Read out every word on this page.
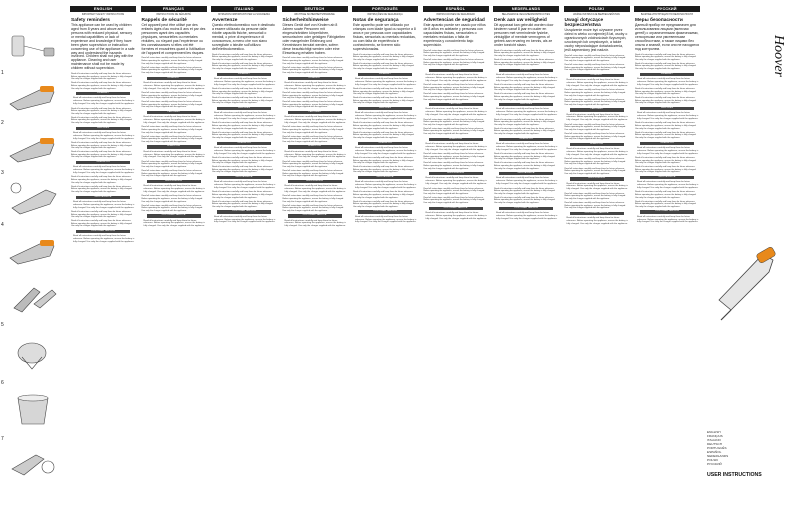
1
2
3
4
5
6
7
ENGLISH
IMPORTANT SAFETY INSTRUCTIONS
Safety reminders
This appliance can be used by children aged from 8 years and above and persons with reduced physical, sensory or mental capabilities or lack of experience and knowledge if they have been given supervision or instruction concerning use of the appliance in a safe way and understand the hazards involved. Children shall not play with the appliance. Cleaning and user maintenance shall not be made by children without supervision.
Read all instructions carefully and keep them for future reference. Before operating the appliance, ensure the battery is fully charged. Use only the charger supplied with the appliance.
Read all instructions carefully and keep them for future reference. Before operating the appliance, ensure the battery is fully charged. Use only the charger supplied with the appliance.
ASSEMBLY
Read all instructions carefully and keep them for future reference. Before operating the appliance, ensure the battery is fully charged. Use only the charger supplied with the appliance.
Read all instructions carefully and keep them for future reference. Before operating the appliance, ensure the battery is fully charged. Use only the charger supplied with the appliance.
Read all instructions carefully and keep them for future reference. Before operating the appliance, ensure the battery is fully charged. Use only the charger supplied with the appliance.
FEATURES
Read all instructions carefully and keep them for future reference. Before operating the appliance, ensure the battery is fully charged. Use only the charger supplied with the appliance.
Read all instructions carefully and keep them for future reference. Before operating the appliance, ensure the battery is fully charged. Use only the charger supplied with the appliance.
Read all instructions carefully and keep them for future reference. Before operating the appliance, ensure the battery is fully charged. Use only the charger supplied with the appliance.
OPERATION
Read all instructions carefully and keep them for future reference. Before operating the appliance, ensure the battery is fully charged. Use only the charger supplied with the appliance.
Read all instructions carefully and keep them for future reference. Before operating the appliance, ensure the battery is fully charged. Use only the charger supplied with the appliance.
Read all instructions carefully and keep them for future reference. Before operating the appliance, ensure the battery is fully charged. Use only the charger supplied with the appliance.
MAINTENANCE
Read all instructions carefully and keep them for future reference. Before operating the appliance, ensure the battery is fully charged. Use only the charger supplied with the appliance.
Read all instructions carefully and keep them for future reference. Before operating the appliance, ensure the battery is fully charged. Use only the charger supplied with the appliance.
Read all instructions carefully and keep them for future reference. Before operating the appliance, ensure the battery is fully charged. Use only the charger supplied with the appliance.
CUSTOMER SERVICE
Read all instructions carefully and keep them for future reference. Before operating the appliance, ensure the battery is fully charged. Use only the charger supplied with the appliance.
FRANÇAIS
INSTRUCTIONS DE SÉCURITÉ
Rappels de sécurité
Cet appareil peut être utilisé par des enfants âgés d'au moins 8 ans et par des personnes ayant des capacités physiques, sensorielles ou mentales réduites, ou n'ayant pas l'expérience ou les connaissances si elles ont été formées et encadrées quant à l'utilisation de l'appareil et comprennent les risques.
Read all instructions carefully and keep them for future reference. Before operating the appliance, ensure the battery is fully charged. Use only the charger supplied with the appliance.
Read all instructions carefully and keep them for future reference. Before operating the appliance, ensure the battery is fully charged. Use only the charger supplied with the appliance.
ASSEMBLY
Read all instructions carefully and keep them for future reference. Before operating the appliance, ensure the battery is fully charged. Use only the charger supplied with the appliance.
Read all instructions carefully and keep them for future reference. Before operating the appliance, ensure the battery is fully charged. Use only the charger supplied with the appliance.
Read all instructions carefully and keep them for future reference. Before operating the appliance, ensure the battery is fully charged. Use only the charger supplied with the appliance.
FEATURES
Read all instructions carefully and keep them for future reference. Before operating the appliance, ensure the battery is fully charged. Use only the charger supplied with the appliance.
Read all instructions carefully and keep them for future reference. Before operating the appliance, ensure the battery is fully charged. Use only the charger supplied with the appliance.
Read all instructions carefully and keep them for future reference. Before operating the appliance, ensure the battery is fully charged. Use only the charger supplied with the appliance.
OPERATION
Read all instructions carefully and keep them for future reference. Before operating the appliance, ensure the battery is fully charged. Use only the charger supplied with the appliance.
Read all instructions carefully and keep them for future reference. Before operating the appliance, ensure the battery is fully charged. Use only the charger supplied with the appliance.
Read all instructions carefully and keep them for future reference. Before operating the appliance, ensure the battery is fully charged. Use only the charger supplied with the appliance.
MAINTENANCE
Read all instructions carefully and keep them for future reference. Before operating the appliance, ensure the battery is fully charged. Use only the charger supplied with the appliance.
Read all instructions carefully and keep them for future reference. Before operating the appliance, ensure the battery is fully charged. Use only the charger supplied with the appliance.
Read all instructions carefully and keep them for future reference. Before operating the appliance, ensure the battery is fully charged. Use only the charger supplied with the appliance.
CUSTOMER SERVICE
Read all instructions carefully and keep them for future reference. Before operating the appliance, ensure the battery is fully charged. Use only the charger supplied with the appliance.
ITALIANO
ISTRUZIONI IMPORTANTI PER LA SICUREZZA
Avvertenze
Questo elettrodomestico non è destinato a essere utilizzato da persone dalle ridotte capacità fisiche, sensoriali o mentali, o prive di esperienza e di conoscenza, a meno che non siano sorvegliate o istruite sull'utilizzo dell'elettrodomestico.
Read all instructions carefully and keep them for future reference. Before operating the appliance, ensure the battery is fully charged. Use only the charger supplied with the appliance.
Read all instructions carefully and keep them for future reference. Before operating the appliance, ensure the battery is fully charged. Use only the charger supplied with the appliance.
ASSEMBLY
Read all instructions carefully and keep them for future reference. Before operating the appliance, ensure the battery is fully charged. Use only the charger supplied with the appliance.
Read all instructions carefully and keep them for future reference. Before operating the appliance, ensure the battery is fully charged. Use only the charger supplied with the appliance.
Read all instructions carefully and keep them for future reference. Before operating the appliance, ensure the battery is fully charged. Use only the charger supplied with the appliance.
FEATURES
Read all instructions carefully and keep them for future reference. Before operating the appliance, ensure the battery is fully charged. Use only the charger supplied with the appliance.
Read all instructions carefully and keep them for future reference. Before operating the appliance, ensure the battery is fully charged. Use only the charger supplied with the appliance.
Read all instructions carefully and keep them for future reference. Before operating the appliance, ensure the battery is fully charged. Use only the charger supplied with the appliance.
OPERATION
Read all instructions carefully and keep them for future reference. Before operating the appliance, ensure the battery is fully charged. Use only the charger supplied with the appliance.
Read all instructions carefully and keep them for future reference. Before operating the appliance, ensure the battery is fully charged. Use only the charger supplied with the appliance.
Read all instructions carefully and keep them for future reference. Before operating the appliance, ensure the battery is fully charged. Use only the charger supplied with the appliance.
MAINTENANCE
Read all instructions carefully and keep them for future reference. Before operating the appliance, ensure the battery is fully charged. Use only the charger supplied with the appliance.
Read all instructions carefully and keep them for future reference. Before operating the appliance, ensure the battery is fully charged. Use only the charger supplied with the appliance.
Read all instructions carefully and keep them for future reference. Before operating the appliance, ensure the battery is fully charged. Use only the charger supplied with the appliance.
CUSTOMER SERVICE
Read all instructions carefully and keep them for future reference. Before operating the appliance, ensure the battery is fully charged. Use only the charger supplied with the appliance.
DEUTSCH
WICHTIGE SICHERHEITSHINWEISE
Sicherheitshinweise
Dieses Gerät darf von Kindern ab 8 Jahren sowie Personen mit eingeschränkten körperlichen, sensorischen oder geistigen Fähigkeiten oder mangelnder Erfahrung und Kenntnissen benutzt werden, sofern diese beaufsichtigt werden oder eine Einweisung erhalten haben.
Read all instructions carefully and keep them for future reference. Before operating the appliance, ensure the battery is fully charged. Use only the charger supplied with the appliance.
Read all instructions carefully and keep them for future reference. Before operating the appliance, ensure the battery is fully charged. Use only the charger supplied with the appliance.
ASSEMBLY
Read all instructions carefully and keep them for future reference. Before operating the appliance, ensure the battery is fully charged. Use only the charger supplied with the appliance.
Read all instructions carefully and keep them for future reference. Before operating the appliance, ensure the battery is fully charged. Use only the charger supplied with the appliance.
Read all instructions carefully and keep them for future reference. Before operating the appliance, ensure the battery is fully charged. Use only the charger supplied with the appliance.
FEATURES
Read all instructions carefully and keep them for future reference. Before operating the appliance, ensure the battery is fully charged. Use only the charger supplied with the appliance.
Read all instructions carefully and keep them for future reference. Before operating the appliance, ensure the battery is fully charged. Use only the charger supplied with the appliance.
Read all instructions carefully and keep them for future reference. Before operating the appliance, ensure the battery is fully charged. Use only the charger supplied with the appliance.
OPERATION
Read all instructions carefully and keep them for future reference. Before operating the appliance, ensure the battery is fully charged. Use only the charger supplied with the appliance.
Read all instructions carefully and keep them for future reference. Before operating the appliance, ensure the battery is fully charged. Use only the charger supplied with the appliance.
Read all instructions carefully and keep them for future reference. Before operating the appliance, ensure the battery is fully charged. Use only the charger supplied with the appliance.
MAINTENANCE
Read all instructions carefully and keep them for future reference. Before operating the appliance, ensure the battery is fully charged. Use only the charger supplied with the appliance.
Read all instructions carefully and keep them for future reference. Before operating the appliance, ensure the battery is fully charged. Use only the charger supplied with the appliance.
Read all instructions carefully and keep them for future reference. Before operating the appliance, ensure the battery is fully charged. Use only the charger supplied with the appliance.
CUSTOMER SERVICE
Read all instructions carefully and keep them for future reference. Before operating the appliance, ensure the battery is fully charged. Use only the charger supplied with the appliance.
PORTUGUÊS
INSTRUÇÕES DE SEGURANÇA
Notas de segurança
Este aparelho pode ser utilizado por crianças com idade igual ou superior a 8 anos e por pessoas com capacidades físicas, sensoriais ou mentais reduzidas, ou com falta de experiência e conhecimento, se tiverem sido supervisionadas.
Read all instructions carefully and keep them for future reference. Before operating the appliance, ensure the battery is fully charged. Use only the charger supplied with the appliance.
Read all instructions carefully and keep them for future reference. Before operating the appliance, ensure the battery is fully charged. Use only the charger supplied with the appliance.
ASSEMBLY
Read all instructions carefully and keep them for future reference. Before operating the appliance, ensure the battery is fully charged. Use only the charger supplied with the appliance.
Read all instructions carefully and keep them for future reference. Before operating the appliance, ensure the battery is fully charged. Use only the charger supplied with the appliance.
Read all instructions carefully and keep them for future reference. Before operating the appliance, ensure the battery is fully charged. Use only the charger supplied with the appliance.
FEATURES
Read all instructions carefully and keep them for future reference. Before operating the appliance, ensure the battery is fully charged. Use only the charger supplied with the appliance.
Read all instructions carefully and keep them for future reference. Before operating the appliance, ensure the battery is fully charged. Use only the charger supplied with the appliance.
Read all instructions carefully and keep them for future reference. Before operating the appliance, ensure the battery is fully charged. Use only the charger supplied with the appliance.
OPERATION
Read all instructions carefully and keep them for future reference. Before operating the appliance, ensure the battery is fully charged. Use only the charger supplied with the appliance.
Read all instructions carefully and keep them for future reference. Before operating the appliance, ensure the battery is fully charged. Use only the charger supplied with the appliance.
Read all instructions carefully and keep them for future reference. Before operating the appliance, ensure the battery is fully charged. Use only the charger supplied with the appliance.
MAINTENANCE
Read all instructions carefully and keep them for future reference. Before operating the appliance, ensure the battery is fully charged. Use only the charger supplied with the appliance.
Read all instructions carefully and keep them for future reference. Before operating the appliance, ensure the battery is fully charged. Use only the charger supplied with the appliance.
Read all instructions carefully and keep them for future reference. Before operating the appliance, ensure the battery is fully charged. Use only the charger supplied with the appliance.
CUSTOMER SERVICE
Read all instructions carefully and keep them for future reference. Before operating the appliance, ensure the battery is fully charged. Use only the charger supplied with the appliance.
ESPAÑOL
INSTRUCCIONES DE SEGURIDAD
Advertencias de seguridad
Este aparato puede ser usado por niños de 8 años en adelante y personas con capacidades físicas, sensoriales o mentales reducidas o falta de experiencia y conocimiento bajo supervisión.
Read all instructions carefully and keep them for future reference. Before operating the appliance, ensure the battery is fully charged. Use only the charger supplied with the appliance.
Read all instructions carefully and keep them for future reference. Before operating the appliance, ensure the battery is fully charged. Use only the charger supplied with the appliance.
ASSEMBLY
Read all instructions carefully and keep them for future reference. Before operating the appliance, ensure the battery is fully charged. Use only the charger supplied with the appliance.
Read all instructions carefully and keep them for future reference. Before operating the appliance, ensure the battery is fully charged. Use only the charger supplied with the appliance.
Read all instructions carefully and keep them for future reference. Before operating the appliance, ensure the battery is fully charged. Use only the charger supplied with the appliance.
FEATURES
Read all instructions carefully and keep them for future reference. Before operating the appliance, ensure the battery is fully charged. Use only the charger supplied with the appliance.
Read all instructions carefully and keep them for future reference. Before operating the appliance, ensure the battery is fully charged. Use only the charger supplied with the appliance.
Read all instructions carefully and keep them for future reference. Before operating the appliance, ensure the battery is fully charged. Use only the charger supplied with the appliance.
OPERATION
Read all instructions carefully and keep them for future reference. Before operating the appliance, ensure the battery is fully charged. Use only the charger supplied with the appliance.
Read all instructions carefully and keep them for future reference. Before operating the appliance, ensure the battery is fully charged. Use only the charger supplied with the appliance.
Read all instructions carefully and keep them for future reference. Before operating the appliance, ensure the battery is fully charged. Use only the charger supplied with the appliance.
MAINTENANCE
Read all instructions carefully and keep them for future reference. Before operating the appliance, ensure the battery is fully charged. Use only the charger supplied with the appliance.
Read all instructions carefully and keep them for future reference. Before operating the appliance, ensure the battery is fully charged. Use only the charger supplied with the appliance.
Read all instructions carefully and keep them for future reference. Before operating the appliance, ensure the battery is fully charged. Use only the charger supplied with the appliance.
CUSTOMER SERVICE
Read all instructions carefully and keep them for future reference. Before operating the appliance, ensure the battery is fully charged. Use only the charger supplied with the appliance.
NEDERLANDS
BELANGRIJKE VEILIGHEIDSINSTRUCTIES
Denk aan uw veiligheid
Dit apparaat kan gebruikt worden door kinderen vanaf 8 jaar en ouder en personen met verminderde fysieke, zintuiglijke of mentale vermogens of gebrek aan ervaring en kennis, als ze onder toezicht staan.
Read all instructions carefully and keep them for future reference. Before operating the appliance, ensure the battery is fully charged. Use only the charger supplied with the appliance.
Read all instructions carefully and keep them for future reference. Before operating the appliance, ensure the battery is fully charged. Use only the charger supplied with the appliance.
ASSEMBLY
Read all instructions carefully and keep them for future reference. Before operating the appliance, ensure the battery is fully charged. Use only the charger supplied with the appliance.
Read all instructions carefully and keep them for future reference. Before operating the appliance, ensure the battery is fully charged. Use only the charger supplied with the appliance.
Read all instructions carefully and keep them for future reference. Before operating the appliance, ensure the battery is fully charged. Use only the charger supplied with the appliance.
FEATURES
Read all instructions carefully and keep them for future reference. Before operating the appliance, ensure the battery is fully charged. Use only the charger supplied with the appliance.
Read all instructions carefully and keep them for future reference. Before operating the appliance, ensure the battery is fully charged. Use only the charger supplied with the appliance.
Read all instructions carefully and keep them for future reference. Before operating the appliance, ensure the battery is fully charged. Use only the charger supplied with the appliance.
OPERATION
Read all instructions carefully and keep them for future reference. Before operating the appliance, ensure the battery is fully charged. Use only the charger supplied with the appliance.
Read all instructions carefully and keep them for future reference. Before operating the appliance, ensure the battery is fully charged. Use only the charger supplied with the appliance.
Read all instructions carefully and keep them for future reference. Before operating the appliance, ensure the battery is fully charged. Use only the charger supplied with the appliance.
MAINTENANCE
Read all instructions carefully and keep them for future reference. Before operating the appliance, ensure the battery is fully charged. Use only the charger supplied with the appliance.
Read all instructions carefully and keep them for future reference. Before operating the appliance, ensure the battery is fully charged. Use only the charger supplied with the appliance.
Read all instructions carefully and keep them for future reference. Before operating the appliance, ensure the battery is fully charged. Use only the charger supplied with the appliance.
CUSTOMER SERVICE
Read all instructions carefully and keep them for future reference. Before operating the appliance, ensure the battery is fully charged. Use only the charger supplied with the appliance.
POLSKI
WAŻNE INSTRUKCJE BEZPIECZEŃSTWA
Uwagi dotyczące bezpieczeństwa
Urządzenie może być używane przez dzieci w wieku co najmniej 8 lat, osoby o ograniczonych zdolnościach fizycznych, czuciowych lub umysłowych, a także osoby nieposiadające doświadczenia, jeśli zapewniony jest nadzór.
Read all instructions carefully and keep them for future reference. Before operating the appliance, ensure the battery is fully charged. Use only the charger supplied with the appliance.
Read all instructions carefully and keep them for future reference. Before operating the appliance, ensure the battery is fully charged. Use only the charger supplied with the appliance.
ASSEMBLY
Read all instructions carefully and keep them for future reference. Before operating the appliance, ensure the battery is fully charged. Use only the charger supplied with the appliance.
Read all instructions carefully and keep them for future reference. Before operating the appliance, ensure the battery is fully charged. Use only the charger supplied with the appliance.
Read all instructions carefully and keep them for future reference. Before operating the appliance, ensure the battery is fully charged. Use only the charger supplied with the appliance.
FEATURES
Read all instructions carefully and keep them for future reference. Before operating the appliance, ensure the battery is fully charged. Use only the charger supplied with the appliance.
Read all instructions carefully and keep them for future reference. Before operating the appliance, ensure the battery is fully charged. Use only the charger supplied with the appliance.
Read all instructions carefully and keep them for future reference. Before operating the appliance, ensure the battery is fully charged. Use only the charger supplied with the appliance.
OPERATION
Read all instructions carefully and keep them for future reference. Before operating the appliance, ensure the battery is fully charged. Use only the charger supplied with the appliance.
Read all instructions carefully and keep them for future reference. Before operating the appliance, ensure the battery is fully charged. Use only the charger supplied with the appliance.
Read all instructions carefully and keep them for future reference. Before operating the appliance, ensure the battery is fully charged. Use only the charger supplied with the appliance.
MAINTENANCE
Read all instructions carefully and keep them for future reference. Before operating the appliance, ensure the battery is fully charged. Use only the charger supplied with the appliance.
Read all instructions carefully and keep them for future reference. Before operating the appliance, ensure the battery is fully charged. Use only the charger supplied with the appliance.
Read all instructions carefully and keep them for future reference. Before operating the appliance, ensure the battery is fully charged. Use only the charger supplied with the appliance.
CUSTOMER SERVICE
Read all instructions carefully and keep them for future reference. Before operating the appliance, ensure the battery is fully charged. Use only the charger supplied with the appliance.
РУССКИЙ
ВАЖНЫЕ ИНСТРУКЦИИ ПО БЕЗОПАСНОСТИ
Меры безопасности
Данный прибор не предназначен для использования лицами (включая детей) с ограниченными физическими, сенсорными или умственными способностями, а также лицами без опыта и знаний, если они не находятся под контролем.
Read all instructions carefully and keep them for future reference. Before operating the appliance, ensure the battery is fully charged. Use only the charger supplied with the appliance.
Read all instructions carefully and keep them for future reference. Before operating the appliance, ensure the battery is fully charged. Use only the charger supplied with the appliance.
ASSEMBLY
Read all instructions carefully and keep them for future reference. Before operating the appliance, ensure the battery is fully charged. Use only the charger supplied with the appliance.
Read all instructions carefully and keep them for future reference. Before operating the appliance, ensure the battery is fully charged. Use only the charger supplied with the appliance.
Read all instructions carefully and keep them for future reference. Before operating the appliance, ensure the battery is fully charged. Use only the charger supplied with the appliance.
FEATURES
Read all instructions carefully and keep them for future reference. Before operating the appliance, ensure the battery is fully charged. Use only the charger supplied with the appliance.
Read all instructions carefully and keep them for future reference. Before operating the appliance, ensure the battery is fully charged. Use only the charger supplied with the appliance.
Read all instructions carefully and keep them for future reference. Before operating the appliance, ensure the battery is fully charged. Use only the charger supplied with the appliance.
OPERATION
Read all instructions carefully and keep them for future reference. Before operating the appliance, ensure the battery is fully charged. Use only the charger supplied with the appliance.
Read all instructions carefully and keep them for future reference. Before operating the appliance, ensure the battery is fully charged. Use only the charger supplied with the appliance.
Read all instructions carefully and keep them for future reference. Before operating the appliance, ensure the battery is fully charged. Use only the charger supplied with the appliance.
MAINTENANCE
Read all instructions carefully and keep them for future reference. Before operating the appliance, ensure the battery is fully charged. Use only the charger supplied with the appliance.
Read all instructions carefully and keep them for future reference. Before operating the appliance, ensure the battery is fully charged. Use only the charger supplied with the appliance.
Read all instructions carefully and keep them for future reference. Before operating the appliance, ensure the battery is fully charged. Use only the charger supplied with the appliance.
CUSTOMER SERVICE
Read all instructions carefully and keep them for future reference. Before operating the appliance, ensure the battery is fully charged. Use only the charger supplied with the appliance.
Hoover
ENGLISH
FRANÇAIS
ITALIANO
DEUTSCH
PORTUGUÊS
ESPAÑOL
NEDERLANDS
POLSKI
РУССКИЙ
USER INSTRUCTIONS
